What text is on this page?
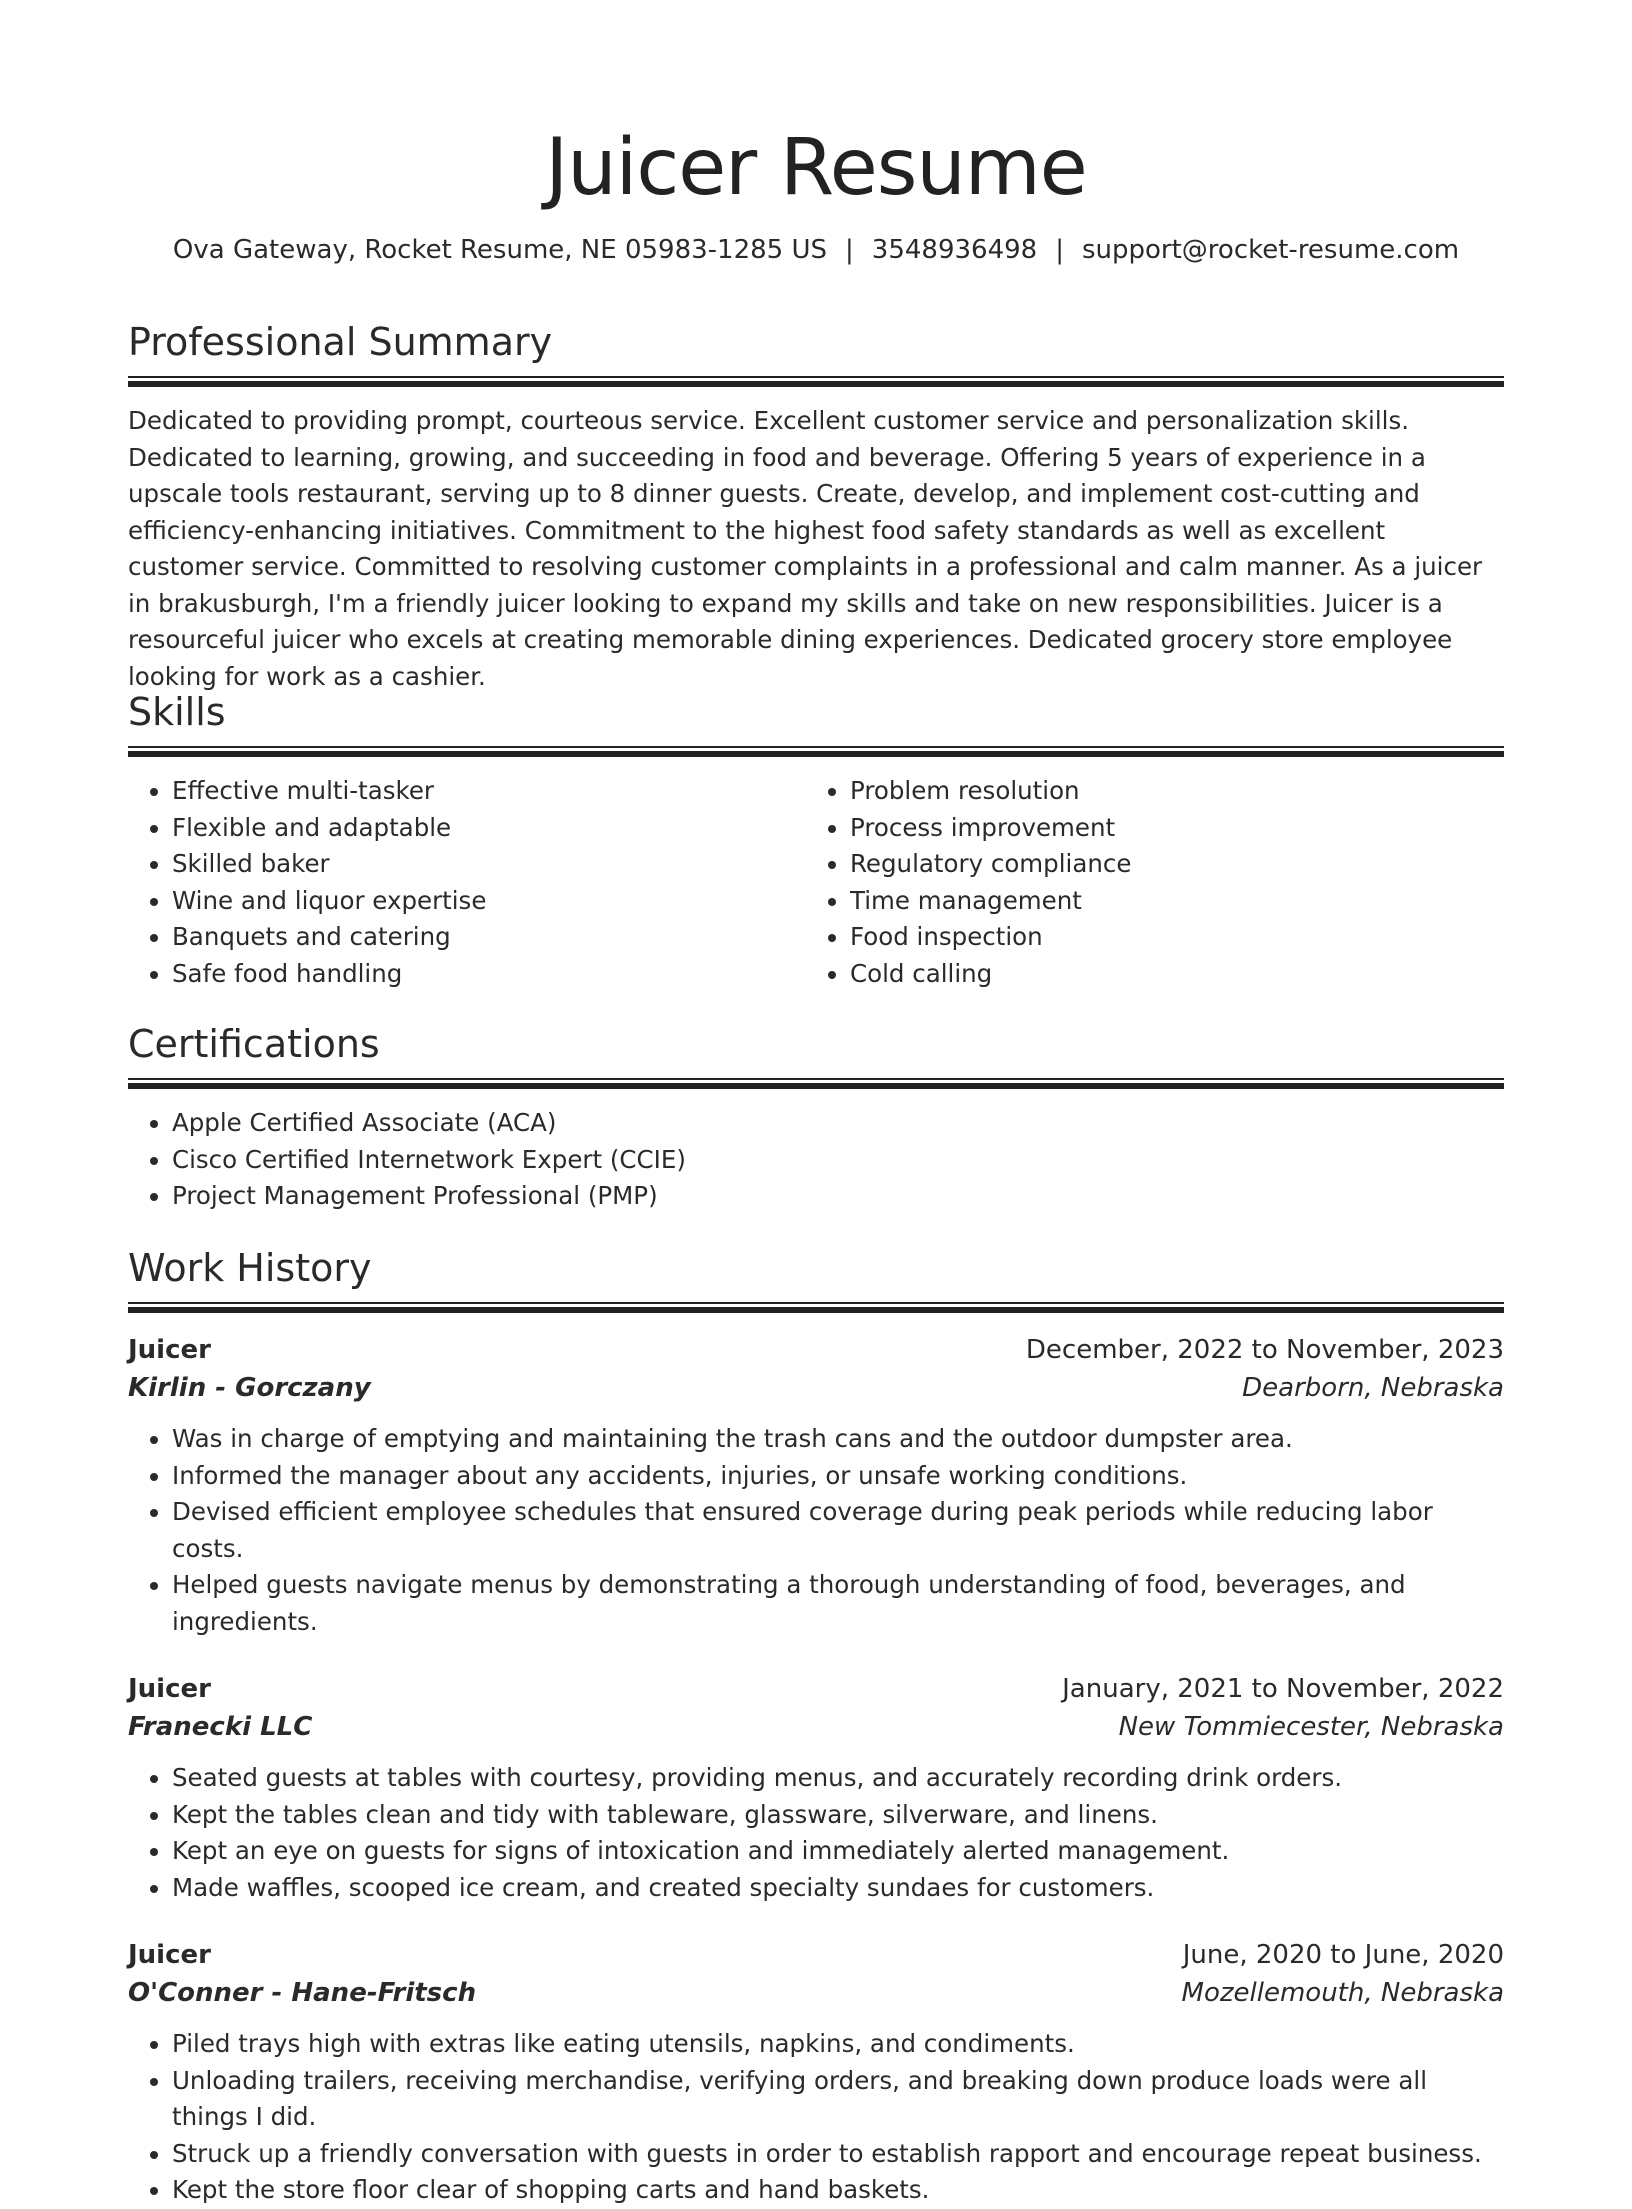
Juicer Resume
Ova Gateway, Rocket Resume, NE 05983-1285 US | 3548936498 | support@rocket-resume.com
Professional Summary

Dedicated to providing prompt, courteous service. Excellent customer service and personalization skills. Dedicated to learning, growing, and succeeding in food and beverage. Offering 5 years of experience in a upscale tools restaurant, serving up to 8 dinner guests. Create, develop, and implement cost-cutting and efficiency-enhancing initiatives. Commitment to the highest food safety standards as well as excellent customer service. Committed to resolving customer complaints in a professional and calm manner. As a juicer in brakusburgh, I'm a friendly juicer looking to expand my skills and take on new responsibilities. Juicer is a resourceful juicer who excels at creating memorable dining experiences. Dedicated grocery store employee looking for work as a cashier.

Skills
• Effective multi-tasker
• Flexible and adaptable
• Skilled baker
• Wine and liquor expertise
• Banquets and catering
• Safe food handling
• Problem resolution
• Process improvement
• Regulatory compliance
• Time management
• Food inspection
• Cold calling
Certifications
• Apple Certified Associate (ACA)
• Cisco Certified Internetwork Expert (CCIE)
• Project Management Professional (PMP)
Work History
Juicer	December, 2022 to November, 2023
Kirlin - Gorczany	Dearborn, Nebraska
• Was in charge of emptying and maintaining the trash cans and the outdoor dumpster area.
• Informed the manager about any accidents, injuries, or unsafe working conditions.
• Devised efficient employee schedules that ensured coverage during peak periods while reducing labor costs.
• Helped guests navigate menus by demonstrating a thorough understanding of food, beverages, and ingredients.
Juicer	January, 2021 to November, 2022
Franecki LLC	New Tommiecester, Nebraska
• Seated guests at tables with courtesy, providing menus, and accurately recording drink orders.
• Kept the tables clean and tidy with tableware, glassware, silverware, and linens.
• Kept an eye on guests for signs of intoxication and immediately alerted management.
• Made waffles, scooped ice cream, and created specialty sundaes for customers.
Juicer	June, 2020 to June, 2020
O'Conner - Hane-Fritsch	Mozellemouth, Nebraska
• Piled trays high with extras like eating utensils, napkins, and condiments.
• Unloading trailers, receiving merchandise, verifying orders, and breaking down produce loads were all things I did.
• Struck up a friendly conversation with guests in order to establish rapport and encourage repeat business.
• Kept the store floor clear of shopping carts and hand baskets.
